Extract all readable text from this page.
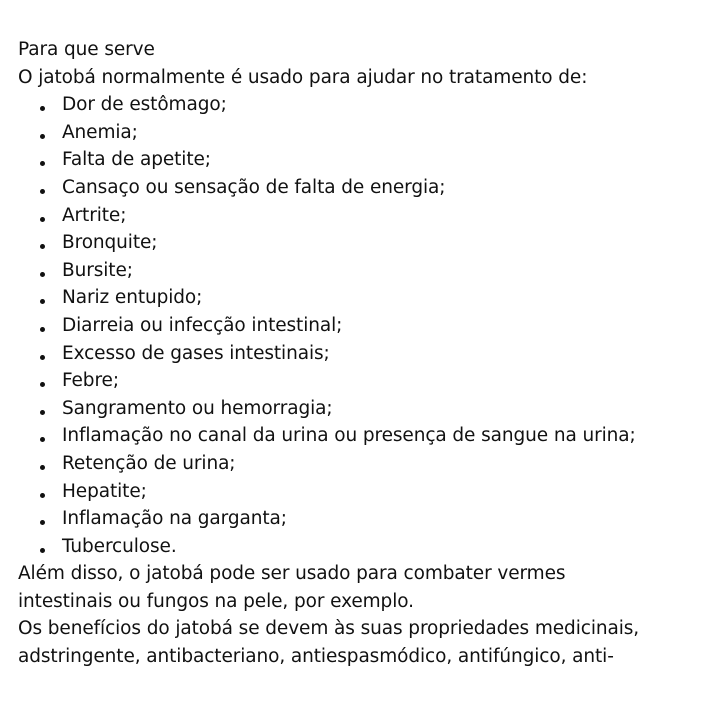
Para que serve

O jatobá normalmente é usado para ajudar no tratamento de:

Dor de estômago;
Anemia;
Falta de apetite;
Cansaço ou sensação de falta de energia;
Artrite;
Bronquite;
Bursite;
Nariz entupido;
Diarreia ou infecção intestinal;
Excesso de gases intestinais;
Febre;
Sangramento ou hemorragia;
Inflamação no canal da urina ou presença de sangue na urina;
Retenção de urina;
Hepatite;
Inflamação na garganta;
Tuberculose.

Além disso, o jatobá pode ser usado para combater vermes

intestinais ou fungos na pele, por exemplo.

Os benefícios do jatobá se devem às suas propriedades medicinais,

adstringente, antibacteriano, antiespasmódico, antifúngico, anti-
